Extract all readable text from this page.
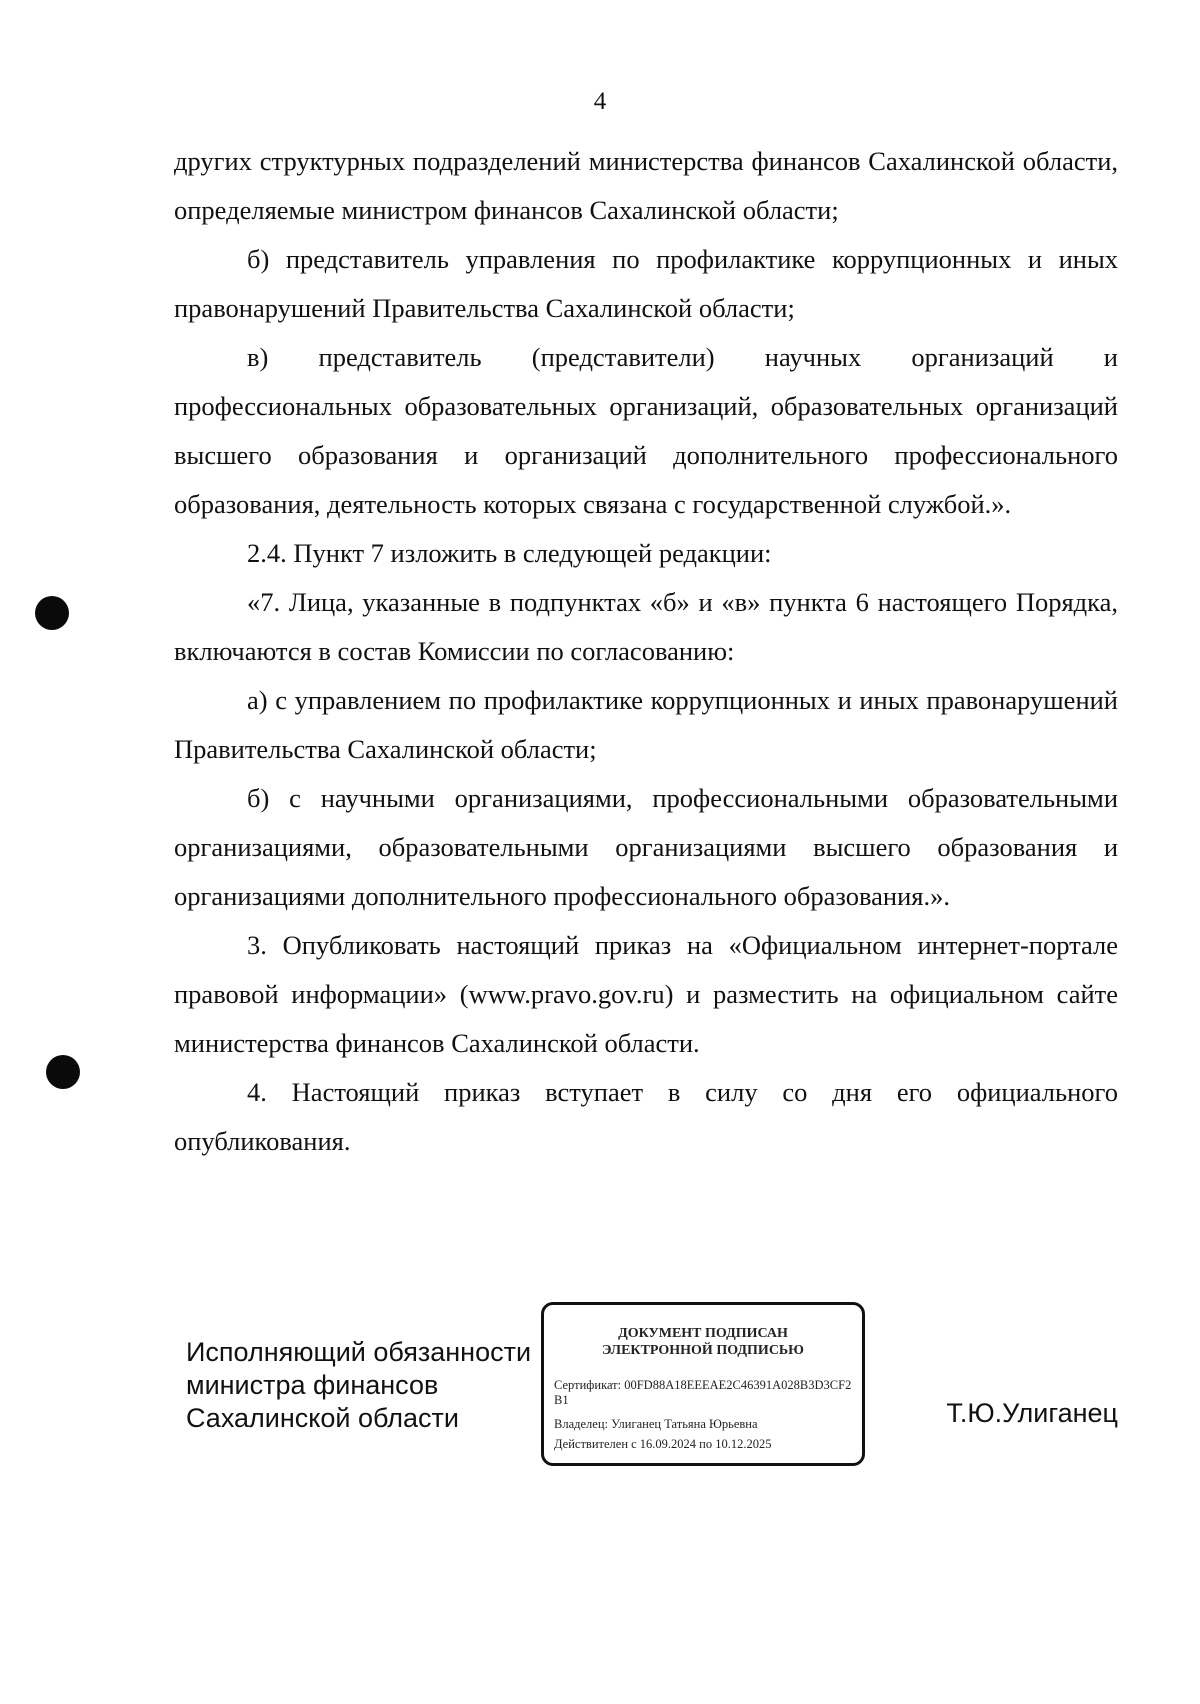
4

других структурных подразделений министерства финансов Сахалинской области, определяемые министром финансов Сахалинской области;

б) представитель управления по профилактике коррупционных и иных правонарушений Правительства Сахалинской области;

в) представитель (представители) научных организаций и профессиональных образовательных организаций, образовательных организаций высшего образования и организаций дополнительного профессионального образования, деятельность которых связана с государственной службой.».

2.4. Пункт 7 изложить в следующей редакции:

«7. Лица, указанные в подпунктах «б» и «в» пункта 6 настоящего Порядка, включаются в состав Комиссии по согласованию:

а) с управлением по профилактике коррупционных и иных правонарушений Правительства Сахалинской области;

б) с научными организациями, профессиональными образовательными организациями, образовательными организациями высшего образования и организациями дополнительного профессионального образования.».

3. Опубликовать настоящий приказ на «Официальном интернет-портале правовой информации» (www.pravo.gov.ru) и разместить на официальном сайте министерства финансов Сахалинской области.

4. Настоящий приказ вступает в силу со дня его официального опубликования.

Исполняющий обязанности
министра финансов
Сахалинской области
ДОКУМЕНТ ПОДПИСАН
ЭЛЕКТРОННОЙ ПОДПИСЬЮ
Сертификат: 00FD88A18EEEAE2C46391A028B3D3CF2B1
Владелец: Улиганец Татьяна Юрьевна
Действителен с 16.09.2024 по 10.12.2025
Т.Ю.Улиганец
